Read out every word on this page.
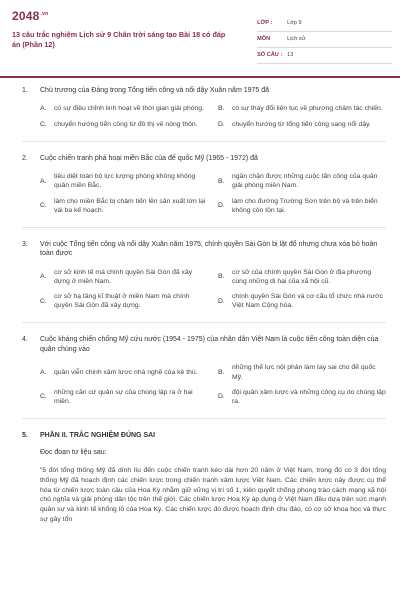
$2048^{.vn}$
13 câu trắc nghiệm Lịch sử 9 Chân trời sáng tạo Bài 18 có đáp án (Phần 12)
LỚP :	Lớp 9
MÔN	Lịch sử
SỐ CÂU : 13
1.	Chủ trương của Đảng trong Tổng tiến công và nổi dậy Xuân năm 1975 đã
A.	có sự điều chỉnh linh hoạt về thời gian giải phóng. B.	có sự thay đổi liên tục về phương châm tác chiến.
C.	chuyển hướng tiến công từ đô thị về nông thôn.	D.	chuyển hướng từ tổng tiến công sang nổi dậy.
2.	Cuộc chiến tranh phá hoại miền Bắc của đế quốc Mỹ (1965 - 1972) đã
A.
tiêu diệt toàn bộ lực lượng phòng không không quân miền Bắc.
B.
ngăn chặn được những cuộc tấn công của quân giải phóng miền Nam.
C.
làm cho miền Bắc bị chậm tiến lên sản xuất lớn lại vài ba kế hoạch.
D.
làm cho đường Trường Sơn trên bộ và trên biển không còn tồn tại.
3.	Với cuộc Tổng tiến công và nổi dậy Xuân năm 1975, chính quyền Sài Gòn bị lật đổ nhưng chưa xóa bỏ hoàn toàn được
A.
cơ sở kinh tế mà chính quyền Sài Gòn đã xây dựng ở miền Nam.
B.
cơ sở của chính quyền Sài Gòn ở địa phương cùng những di hại của xã hội cũ.
C.
cơ sở hạ tầng kĩ thuật ở miền Nam mà chính quyền Sài Gòn đã xây dựng.
D.
chính quyền Sài Gòn và cơ cấu tổ chức nhà nước Việt Nam Cộng hòa.
4.	Cuộc kháng chiến chống Mỹ cứu nước (1954 - 1975) của nhân dân Việt Nam là cuộc tiến công toàn diện của quân chúng vào
A.	quân viễn chinh xâm lược nhà nghề của kẻ thù.	B.
những thế lực nội phản làm tay sai cho đế quốc Mỹ.
C.
những căn cứ quân sự của chúng lập ra ở hai miền.
D.
đội quân xâm lược và những công cụ do chúng lập ra.
5.	PHẦN II. TRẮC NGHIỆM ĐÚNG SAI
Đọc đoạn tư liệu sau:
"5 đời tổng thống Mỹ đã dính líu đến cuộc chiến tranh kéo dài hơn 20 năm ở Việt Nam, trong đó có 3 đời tổng thống Mỹ đã hoạch định các chiến lược trong chiến tranh xâm lược Việt Nam. Các chiến lược này được cụ thể hóa từ chiến lược toàn cầu của Hoa Kỳ nhằm giữ vững vị trí số 1, kiên quyết chống phong trào cách mạng xã hội chủ nghĩa và giải phóng dân tộc trên thế giới. Các chiến lược Hoa Kỳ áp dụng ở Việt Nam đều dựa trên sức mạnh quân sự và kinh tế khổng lồ của Hoa Kỳ. Các chiến lược đó được hoạch định chu đáo, có cơ sở khoa học và thực sự gây tổn
